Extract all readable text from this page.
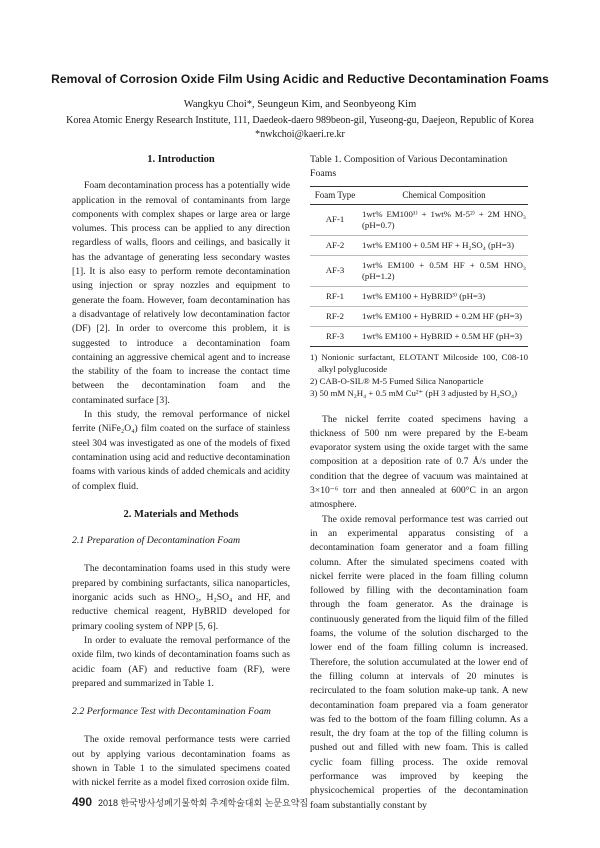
Removal of Corrosion Oxide Film Using Acidic and Reductive Decontamination Foams
Wangkyu Choi*, Seungeun Kim, and Seonbyeong Kim
Korea Atomic Energy Research Institute, 111, Daedeok-daero 989beon-gil, Yuseong-gu, Daejeon, Republic of Korea
*nwkchoi@kaeri.re.kr
1. Introduction

Foam decontamination process has a potentially wide application in the removal of contaminants from large components with complex shapes or large area or large volumes. This process can be applied to any direction regardless of walls, floors and ceilings, and basically it has the advantage of generating less secondary wastes [1]. It is also easy to perform remote decontamination using injection or spray nozzles and equipment to generate the foam. However, foam decontamination has a disadvantage of relatively low decontamination factor (DF) [2]. In order to overcome this problem, it is suggested to introduce a decontamination foam containing an aggressive chemical agent and to increase the stability of the foam to increase the contact time between the decontamination foam and the contaminated surface [3].

In this study, the removal performance of nickel ferrite (NiFe₂O₄) film coated on the surface of stainless steel 304 was investigated as one of the models of fixed contamination using acid and reductive decontamination foams with various kinds of added chemicals and acidity of complex fluid.

2. Materials and Methods
2.1 Preparation of Decontamination Foam

The decontamination foams used in this study were prepared by combining surfactants, silica nanoparticles, inorganic acids such as HNO₃, H₂SO₄ and HF, and reductive chemical reagent, HyBRID developed for primary cooling system of NPP [5, 6].

In order to evaluate the removal performance of the oxide film, two kinds of decontamination foams such as acidic foam (AF) and reductive foam (RF), were prepared and summarized in Table 1.

2.2 Performance Test with Decontamination Foam

The oxide removal performance tests were carried out by applying various decontamination foams as shown in Table 1 to the simulated specimens coated with nickel ferrite as a model fixed corrosion oxide film.

Table 1. Composition of Various Decontamination Foams
Foam Type	Chemical Composition
AF-1	1wt% EM100¹⁾ + 1wt% M-5²⁾ + 2M HNO₃ (pH=0.7)
AF-2	1wt% EM100 + 0.5M HF + H₂SO₄ (pH=3)
AF-3	1wt% EM100 + 0.5M HF + 0.5M HNO₃ (pH=1.2)
RF-1	1wt% EM100 + HyBRID³⁾ (pH=3)
RF-2	1wt% EM100 + HyBRID + 0.2M HF (pH=3)
RF-3	1wt% EM100 + HyBRID + 0.5M HF (pH=3)
1) Nonionic surfactant, ELOTANT Milcoside 100, C08-10 alkyl polyglucoside
2) CAB-O-SIL® M-5 Fumed Silica Nanoparticle
3) 50 mM N₂H₄ + 0.5 mM Cu²⁺ (pH 3 adjusted by H₂SO₄)

The nickel ferrite coated specimens having a thickness of 500 nm were prepared by the E-beam evaporator system using the oxide target with the same composition at a deposition rate of 0.7 Å/s under the condition that the degree of vacuum was maintained at 3×10⁻⁶ torr and then annealed at 600°C in an argon atmosphere.

The oxide removal performance test was carried out in an experimental apparatus consisting of a decontamination foam generator and a foam filling column. After the simulated specimens coated with nickel ferrite were placed in the foam filling column followed by filling with the decontamination foam through the foam generator. As the drainage is continuously generated from the liquid film of the filled foams, the volume of the solution discharged to the lower end of the foam filling column is increased. Therefore, the solution accumulated at the lower end of the filling column at intervals of 20 minutes is recirculated to the foam solution make-up tank. A new decontamination foam prepared via a foam generator was fed to the bottom of the foam filling column. As a result, the dry foam at the top of the filling column is pushed out and filled with new foam. This is called cyclic foam filling process. The oxide removal performance was improved by keeping the physicochemical properties of the decontamination foam substantially constant by

490 2018 한국방사성폐기물학회 추계학술대회 논문요약집
